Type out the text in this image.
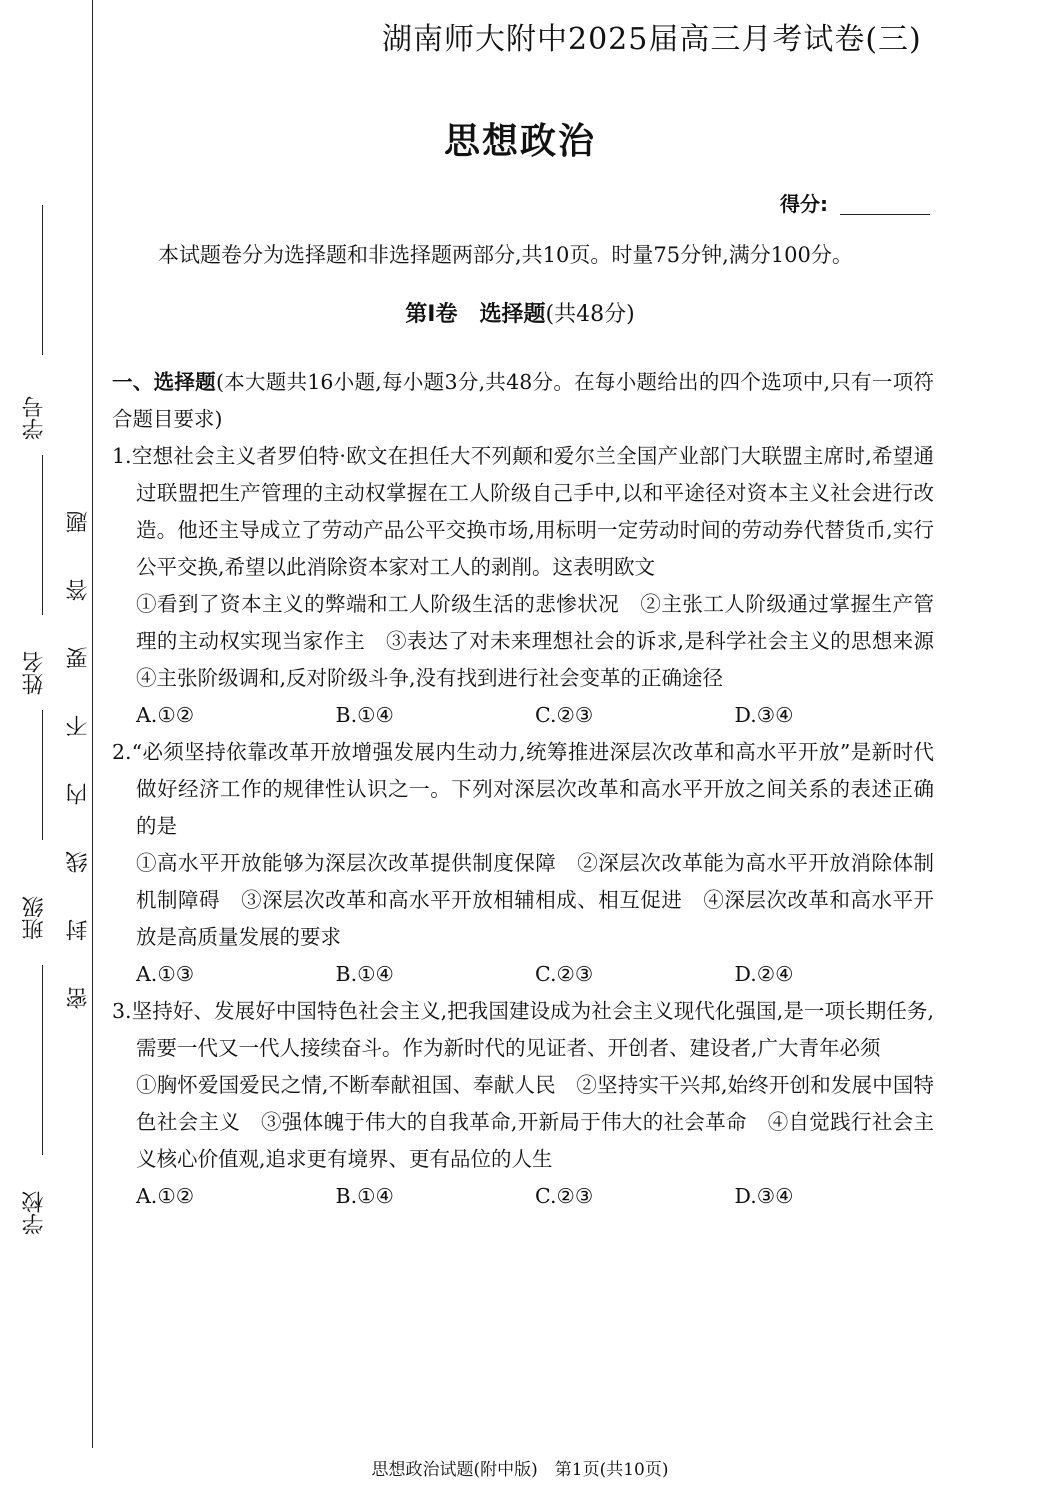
学号
姓名
班级
学校
密封线内不要答题
湖南师大附中2025届高三月考试卷(三)
思想政治
得分:
本试题卷分为选择题和非选择题两部分,共10页。时量75分钟,满分100分。
第Ⅰ卷　 选择题(共48分)

一、选择题(本大题共16小题,每小题3分,共48分。在每小题给出的四个选项中,只有一项符合题目要求)

1.空想社会主义者罗伯特·欧文在担任大不列颠和爱尔兰全国产业部门大联盟主席时,希望通过联盟把生产管理的主动权掌握在工人阶级自己手中,以和平途径对资本主义社会进行改造。他还主导成立了劳动产品公平交换市场,用标明一定劳动时间的劳动券代替货币,实行公平交换,希望以此消除资本家对工人的剥削。这表明欧文

①看到了资本主义的弊端和工人阶级生活的悲惨状况　②主张工人阶级通过掌握生产管理的主动权实现当家作主　③表达了对未来理想社会的诉求,是科学社会主义的思想来源　④主张阶级调和,反对阶级斗争,没有找到进行社会变革的正确途径

A.①②	B.①④	C.②③	D.③④

2.“必须坚持依靠改革开放增强发展内生动力,统筹推进深层次改革和高水平开放”是新时代做好经济工作的规律性认识之一。下列对深层次改革和高水平开放之间关系的表述正确的是

①高水平开放能够为深层次改革提供制度保障　②深层次改革能为高水平开放消除体制机制障碍　③深层次改革和高水平开放相辅相成、相互促进　④深层次改革和高水平开放是高质量发展的要求

A.①③	B.①④	C.②③	D.②④

3.坚持好、发展好中国特色社会主义,把我国建设成为社会主义现代化强国,是一项长期任务,需要一代又一代人接续奋斗。作为新时代的见证者、开创者、建设者,广大青年必须

①胸怀爱国爱民之情,不断奉献祖国、奉献人民　②坚持实干兴邦,始终开创和发展中国特色社会主义　③强体魄于伟大的自我革命,开新局于伟大的社会革命　④自觉践行社会主义核心价值观,追求更有境界、更有品位的人生

A.①②	B.①④	C.②③	D.③④
思想政治试题(附中版)　第1页(共10页)
